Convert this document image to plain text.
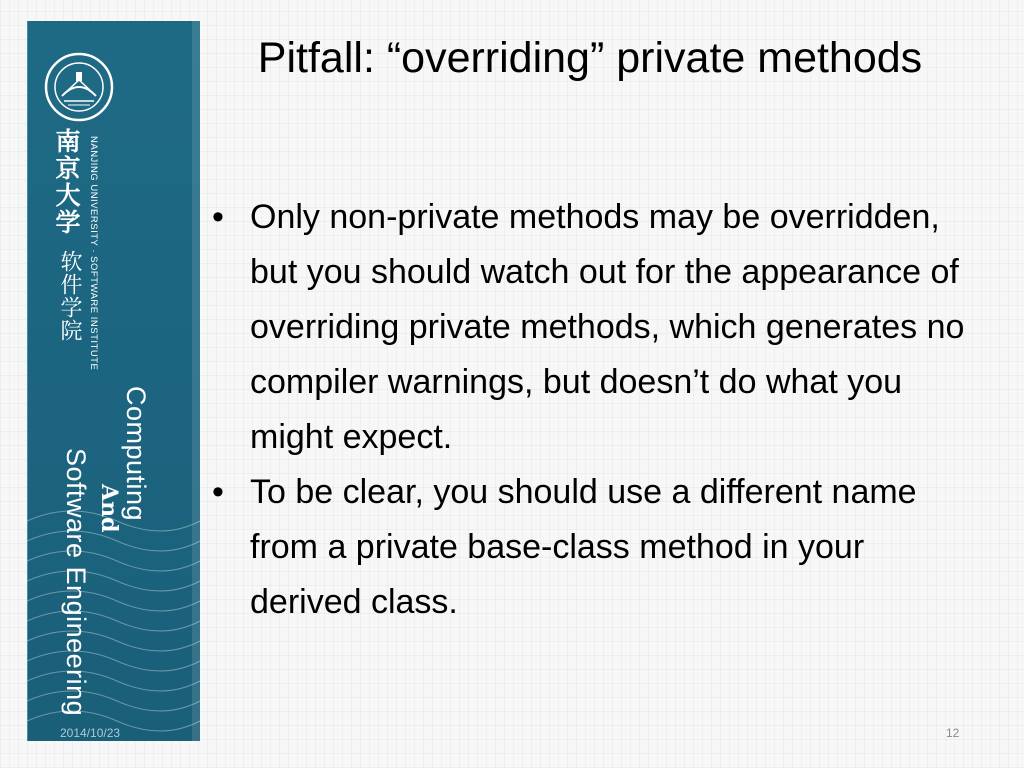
南京大学
软件学院 NANJING UNIVERSITY · SOFTWARE INSTITUTE
Computing
And
Software Engineering
Pitfall: “overriding” private methods
• Only non-private methods may be overridden, but you should watch out for the appearance of overriding private methods, which generates no compiler warnings, but doesn’t do what you might expect.
• To be clear, you should use a different name from a private base-class method in your derived class.
2014/10/23	12
